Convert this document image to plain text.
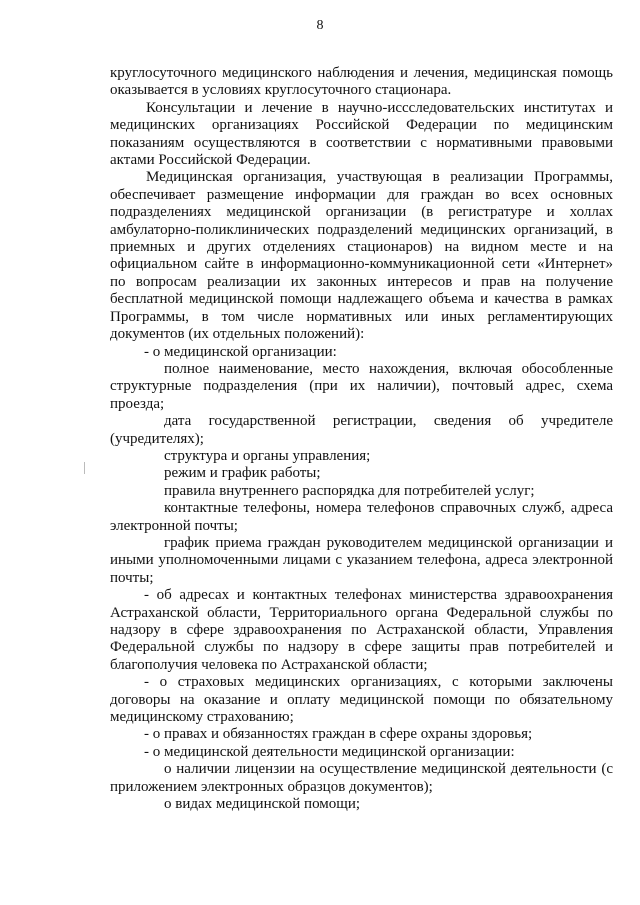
8

круглосуточного медицинского наблюдения и лечения, медицинская помощь оказывается в условиях круглосуточного стационара.

Консультации и лечение в научно-иссследовательских институтах и медицинских организациях Российской Федерации по медицинским показаниям осуществляются в соответствии с нормативными правовыми актами Российской Федерации.

Медицинская организация, участвующая в реализации Программы, обеспечивает размещение информации для граждан во всех основных подразделениях медицинской организации (в регистратуре и холлах амбулаторно-поликлинических подразделений медицинских организаций, в приемных и других отделениях стационаров) на видном месте и на официальном сайте в информационно-коммуникационной сети «Интернет» по вопросам реализации их законных интересов и прав на получение бесплатной медицинской помощи надлежащего объема и качества в рамках Программы, в том числе нормативных или иных регламентирующих документов (их отдельных положений):

- о медицинской организации:

полное наименование, место нахождения, включая обособленные структурные подразделения (при их наличии), почтовый адрес, схема проезда;

дата государственной регистрации, сведения об учредителе (учредителях);

структура и органы управления;

режим и график работы;

правила внутреннего распорядка для потребителей услуг;

контактные телефоны, номера телефонов справочных служб, адреса электронной почты;

график приема граждан руководителем медицинской организации и иными уполномоченными лицами с указанием телефона, адреса электронной почты;

- об адресах и контактных телефонах министерства здравоохранения Астраханской области, Территориального органа Федеральной службы по надзору в сфере здравоохранения по Астраханской области, Управления Федеральной службы по надзору в сфере защиты прав потребителей и благополучия человека по Астраханской области;

- о страховых медицинских организациях, с которыми заключены договоры на оказание и оплату медицинской помощи по обязательному медицинскому страхованию;

- о правах и обязанностях граждан в сфере охраны здоровья;

- о медицинской деятельности медицинской организации:

о наличии лицензии на осуществление медицинской деятельности (с приложением электронных образцов документов);

о видах медицинской помощи;
